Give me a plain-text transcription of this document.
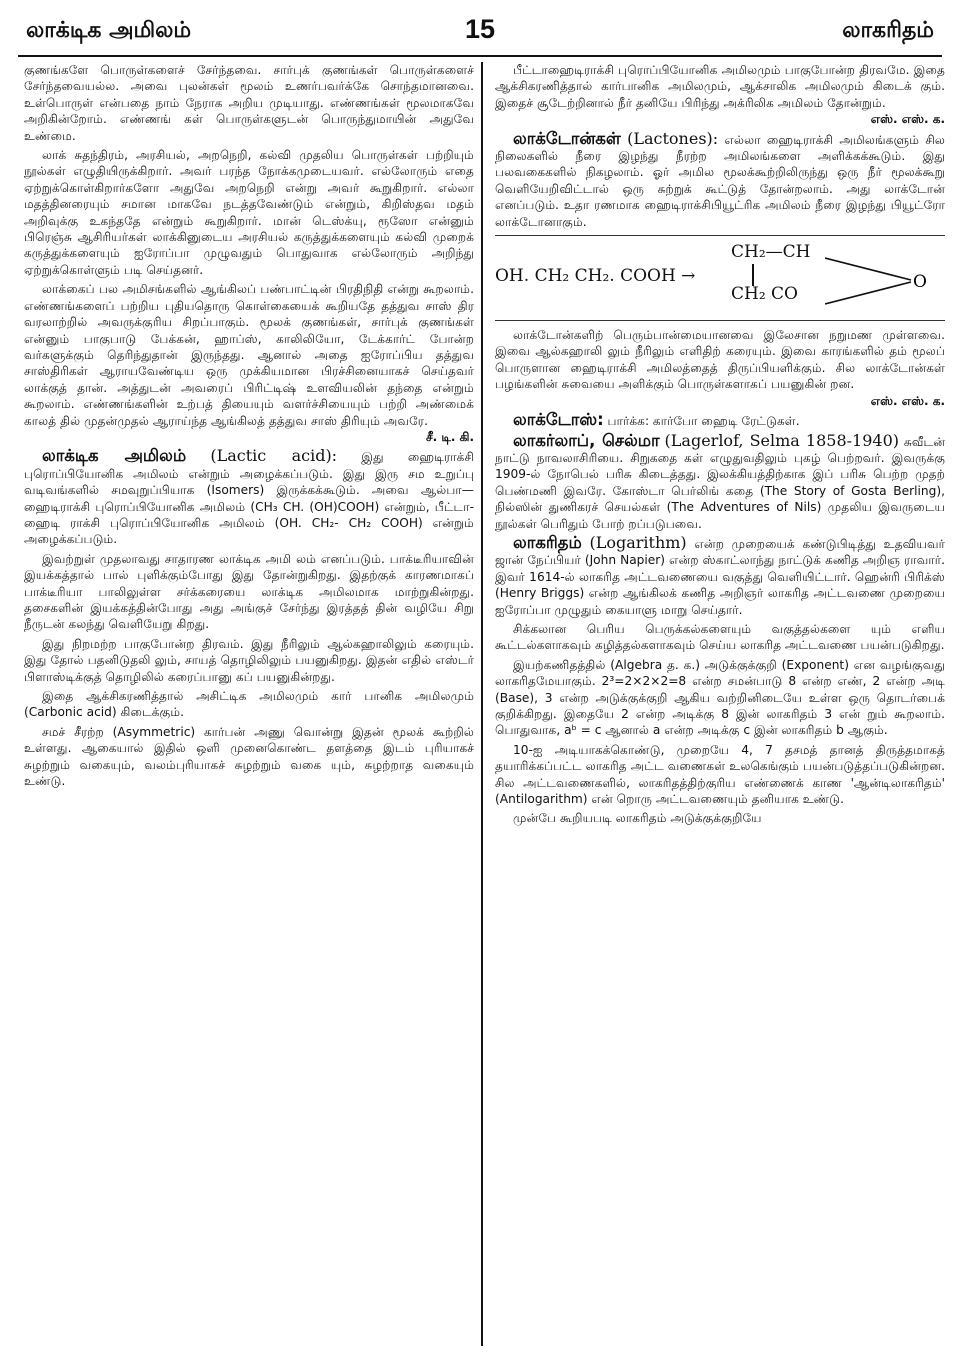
லாக்டிக அமிலம்	15	லாகரிதம்

குணங்களே பொருள்களைச் சேர்ந்தவை. சார்புக் குணங்கள் பொருள்களைச் சேர்ந்தவையல்ல. அவை புலன்கள் மூலம் உணர்பவர்க்கே சொந்தமானவை. உள்பொருள் என்பதை நாம் நேராக அறிய முடியாது. எண்ணங்கள் மூலமாகவே அறிகின்றோம். எண்ணங் கள் பொருள்களுடன் பொருந்துமாயின் அதுவே உண்மை.

லாக் சுதந்திரம், அரசியல், அறநெறி, கல்வி முதலிய பொருள்கள் பற்றியும் நூல்கள் எழுதியிருக்கிறார். அவர் பரந்த நோக்கமுடையவர். எல்லோரும் எதை ஏற்றுக்கொள்கிறார்களோ அதுவே அறநெறி என்று அவர் கூறுகிறார். எல்லா மதத்தினரையும் சமான மாகவே நடத்தவேண்டும் என்றும், கிறிஸ்தவ மதம் அறிவுக்கு உகந்ததே என்றும் கூறுகிறார். மான் டெஸ்க்யு, ரூஸோ என்னும் பிரெஞ்சு ஆசிரியர்கள் லாக்கினுடைய அரசியல் கருத்துக்களையும் கல்வி முறைக் கருத்துக்களையும் ஐரோப்பா முழுவதும் பொதுவாக எல்லோரும் அறிந்து ஏற்றுக்கொள்ளும் படி செய்தனர்.

லாக்கைப் பல அமிசங்களில் ஆங்கிலப் பண்பாட்டின் பிரதிநிதி என்று கூறலாம். எண்ணங்களைப் பற்றிய புதியதொரு கொள்கையைக் கூறியதே தத்துவ சாஸ் திர வரலாற்றில் அவருக்குரிய சிறப்பாகும். மூலக் குணங்கள், சார்புக் குணங்கள் என்னும் பாகுபாடு பேக்கன், ஹாப்ஸ், காலிலியோ, டேக்கார்ட் போன்ற வர்களுக்கும் தெரிந்துதான் இருந்தது. ஆனால் அதை ஐரோப்பிய தத்துவ சாஸ்திரிகள் ஆராயவேண்டிய ஒரு முக்கியமான பிரச்சினையாகச் செய்தவர் லாக்குத் தான். அத்துடன் அவரைப் பிரிட்டிஷ் உளவியலின் தந்தை என்றும் கூறலாம். எண்ணங்களின் உற்பத் தியையும் வளர்ச்சியையும் பற்றி அண்மைக் காலத் தில் முதன்முதல் ஆராய்ந்த ஆங்கிலத் தத்துவ சாஸ் திரியும் அவரே.
சீ. டி. கி.

லாக்டிக அமிலம் (Lactic acid): இது ஹைடிராக்சி புரொப்பியோனிக அமிலம் என்றும் அழைக்கப்படும். இது இரு சம உறுப்பு வடிவங்களில் சமவுறுப்பியாக (Isomers) இருக்கக்கூடும். அவை ஆல்பா—ஹைடிராக்சி புரொப்பியோனிக அமிலம் (CH₃ CH. (OH)COOH) என்றும், பீட்டா-ஹைடி ராக்சி புரொப்பியோனிக அமிலம் (OH. CH₂- CH₂ COOH) என்றும் அழைக்கப்படும்.

இவற்றுள் முதலாவது சாதாரண லாக்டிக அமி லம் எனப்படும். பாக்டீரியாவின் இயக்கத்தால் பால் புளிக்கும்போது இது தோன்றுகிறது. இதற்குக் காரணமாகப் பாக்டீரியா பாலிலுள்ள சர்க்கரையை லாக்டிக அமிலமாக மாற்றுகின்றது. தசைகளின் இயக்கத்தின்போது அது அங்குச் சேர்ந்து இரத்தத் தின் வழியே சிறு நீருடன் கலந்து வெளியேறு கிறது.

இது நிறமற்ற பாகுபோன்ற திரவம். இது நீரிலும் ஆல்கஹாலிலும் கரையும். இது தோல் பதனிடுதலி லும், சாயத் தொழிலிலும் பயனுகிறது. இதன் எதில் எஸ்டர் பிளாஸ்டிக்குத் தொழிலில் கரைப்பானு கப் பயனுகின்றது.

இதை ஆக்சிகரணித்தால் அசிட்டிக அமிலமும் கார் பானிக அமிலமும் (Carbonic acid) கிடைக்கும்.

சமச் சீரற்ற (Asymmetric) கார்பன் அணு வொன்று இதன் மூலக் கூற்றில் உள்ளது. ஆகையால் இதில் ஒளி முனைகொண்ட தளத்தை இடம் புரியாகச் சுழற்றும் வகையும், வலம்புரியாகச் சுழற்றும் வகை யும், சுழற்றாத வகையும் உண்டு.

பீட்டாஹைடிராக்சி புரொப்பியோனிக அமிலமும் பாகுபோன்ற திரவமே. இதை ஆக்சிகரணித்தால் கார்பானிக அமிலமும், ஆக்சாலிக அமிலமும் கிடைக் கும். இதைச் சூடேற்றினால் நீர் தனியே பிரிந்து அக்ரிலிக அமிலம் தோன்றும்.
எஸ். எஸ். க.

லாக்டோன்கள் (Lactones): எல்லா ஹைடிராக்சி அமிலங்களும் சில நிலைகளில் நீரை இழந்து நீரற்ற அமிலங்களை அளிக்கக்கூடும். இது பலவகைகளில் நிகழலாம். ஓர் அமில மூலக்கூற்றிலிருந்து ஒரு நீர் மூலக்கூறு வெளியேறிவிட்டால் ஒரு சுற்றுக் கூட்டுத் தோன்றலாம். அது லாக்டோன் எனப்படும். உதா ரணமாக ஹைடிராக்சிபியூட்ரிக அமிலம் நீரை இழந்து பியூட்ரோ லாக்டோனாகும்.

OH. CH₂ CH₂. COOH →
CH₂—CH
CH₂ CO
O

லாக்டோன்களிற் பெரும்பான்மையானவை இலேசான நறுமண முள்ளவை. இவை ஆல்கஹாலி லும் நீரிலும் எளிதிற் கரையும். இவை காரங்களில் தம் மூலப் பொருளான ஹைடிராக்சி அமிலத்தைத் திருப்பியளிக்கும். சில லாக்டோன்கள் பழங்களின் சுவையை அளிக்கும் பொருள்களாகப் பயனுகின் றன.
எஸ். எஸ். க.

லாக்டோஸ்: பார்க்க: கார்போ ஹைடி ரேட்டுகள்.

லாகர்லாப், செல்மா (Lagerlof, Selma 1858-1940) சுவீடன் நாட்டு நாவலாசிரியை. சிறுகதை கள் எழுதுவதிலும் புகழ் பெற்றவர். இவருக்கு 1909-ல் நோபெல் பரிசு கிடைத்தது. இலக்கியத்திற்காக இப் பரிசு பெற்ற முதற் பெண்மணி இவரே. கோஸ்டா பெர்லிங் கதை (The Story of Gosta Berling), நில்ஸின் துணிகரச் செயல்கள் (The Adventures of Nils) முதலிய இவருடைய நூல்கள் பெரிதும் போற் றப்படுபவை.

லாகரிதம் (Logarithm) என்ற முறையைக் கண்டுபிடித்து உதவியவர் ஜான் நேப்பியர் (John Napier) என்ற ஸ்காட்லாந்து நாட்டுக் கணித அறிஞ ராவார். இவர் 1614-ல் லாகரித அட்டவணையை வகுத்து வெளியிட்டார். ஹென்ரி பிரிக்ஸ் (Henry Briggs) என்ற ஆங்கிலக் கணித அறிஞர் லாகரித அட்டவணை முறையை ஐரோப்பா முழுதும் கையாளு மாறு செய்தார்.

சிக்கலான பெரிய பெருக்கல்களையும் வகுத்தல்களை யும் எளிய கூட்டல்களாகவும் கழித்தல்களாகவும் செய்ய லாகரித அட்டவணை பயன்படுகிறது.

இயற்கணிதத்தில் (Algebra த. க.) அடுக்குக்குறி (Exponent) என வழங்குவது லாகரிதமேயாகும். 2³=2×2×2=8 என்ற சமன்பாடு 8 என்ற எண், 2 என்ற அடி (Base), 3 என்ற அடுக்குக்குறி ஆகிய வற்றினிடையே உள்ள ஒரு தொடர்பைக் குறிக்கிறது. இதையே 2 என்ற அடிக்கு 8 இன் லாகரிதம் 3 என் றும் கூறலாம். பொதுவாக, aᵇ = c ஆனால் a என்ற அடிக்கு c இன் லாகரிதம் b ஆகும்.

10-ஐ அடியாகக்கொண்டு, முறையே 4, 7 தசமத் தானத் திருத்தமாகத் தயாரிக்கப்பட்ட லாகரித அட்ட வணைகள் உலகெங்கும் பயன்படுத்தப்படுகின்றன. சில அட்டவணைகளில், லாகரிதத்திற்குரிய எண்ணைக் காண 'ஆன்டிலாகரிதம்' (Antilogarithm) என் றொரு அட்டவணையும் தனியாக உண்டு.

முன்பே கூறியபடி லாகரிதம் அடுக்குக்குறியே
